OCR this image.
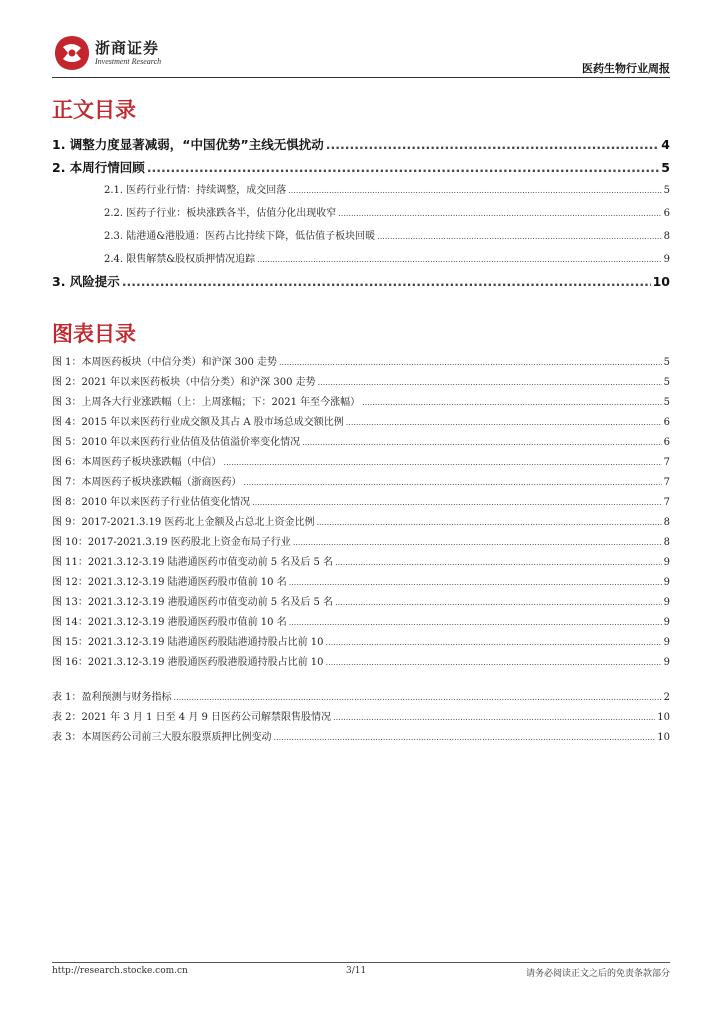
浙商证券
Investment Research
医药生物行业周报
正文目录
1. 调整力度显著减弱，“中国优势”主线无惧扰动 .....	4
2. 本周行情回顾 .....	5
2.1. 医药行业行情：持续调整，成交回落 .....	5
2.2. 医药子行业：板块涨跌各半，估值分化出现收窄 .....	6
2.3. 陆港通&港股通：医药占比持续下降，低估值子板块回暖 .....	8
2.4. 限售解禁&股权质押情况追踪 .....	9
3. 风险提示 .....	10
图表目录
图 1：本周医药板块（中信分类）和沪深 300 走势 .....	5
图 2：2021 年以来医药板块（中信分类）和沪深 300 走势 .....	5
图 3：上周各大行业涨跌幅（上：上周涨幅；下：2021 年至今涨幅） .....	5
图 4：2015 年以来医药行业成交额及其占 A 股市场总成交额比例 .....	6
图 5：2010 年以来医药行业估值及估值溢价率变化情况 .....	6
图 6：本周医药子板块涨跌幅（中信） .....	7
图 7：本周医药子板块涨跌幅（浙商医药） .....	7
图 8：2010 年以来医药子行业估值变化情况 .....	7
图 9：2017-2021.3.19 医药北上金额及占总北上资金比例 .....	8
图 10：2017-2021.3.19 医药股北上资金布局子行业 .....	8
图 11：2021.3.12-3.19 陆港通医药市值变动前 5 名及后 5 名 .....	9
图 12：2021.3.12-3.19 陆港通医药股市值前 10 名 .....	9
图 13：2021.3.12-3.19 港股通医药市值变动前 5 名及后 5 名 .....	9
图 14：2021.3.12-3.19 港股通医药股市值前 10 名 .....	9
图 15：2021.3.12-3.19 陆港通医药股陆港通持股占比前 10 .....	9
图 16：2021.3.12-3.19 港股通医药股港股通持股占比前 10 .....	9
表 1：盈利预测与财务指标 .....	2
表 2：2021 年 3 月 1 日至 4 月 9 日医药公司解禁限售股情况 .....	10
表 3：本周医药公司前三大股东股票质押比例变动 .....	10
http://research.stocke.com.cn	3/11	请务必阅读正文之后的免责条款部分
